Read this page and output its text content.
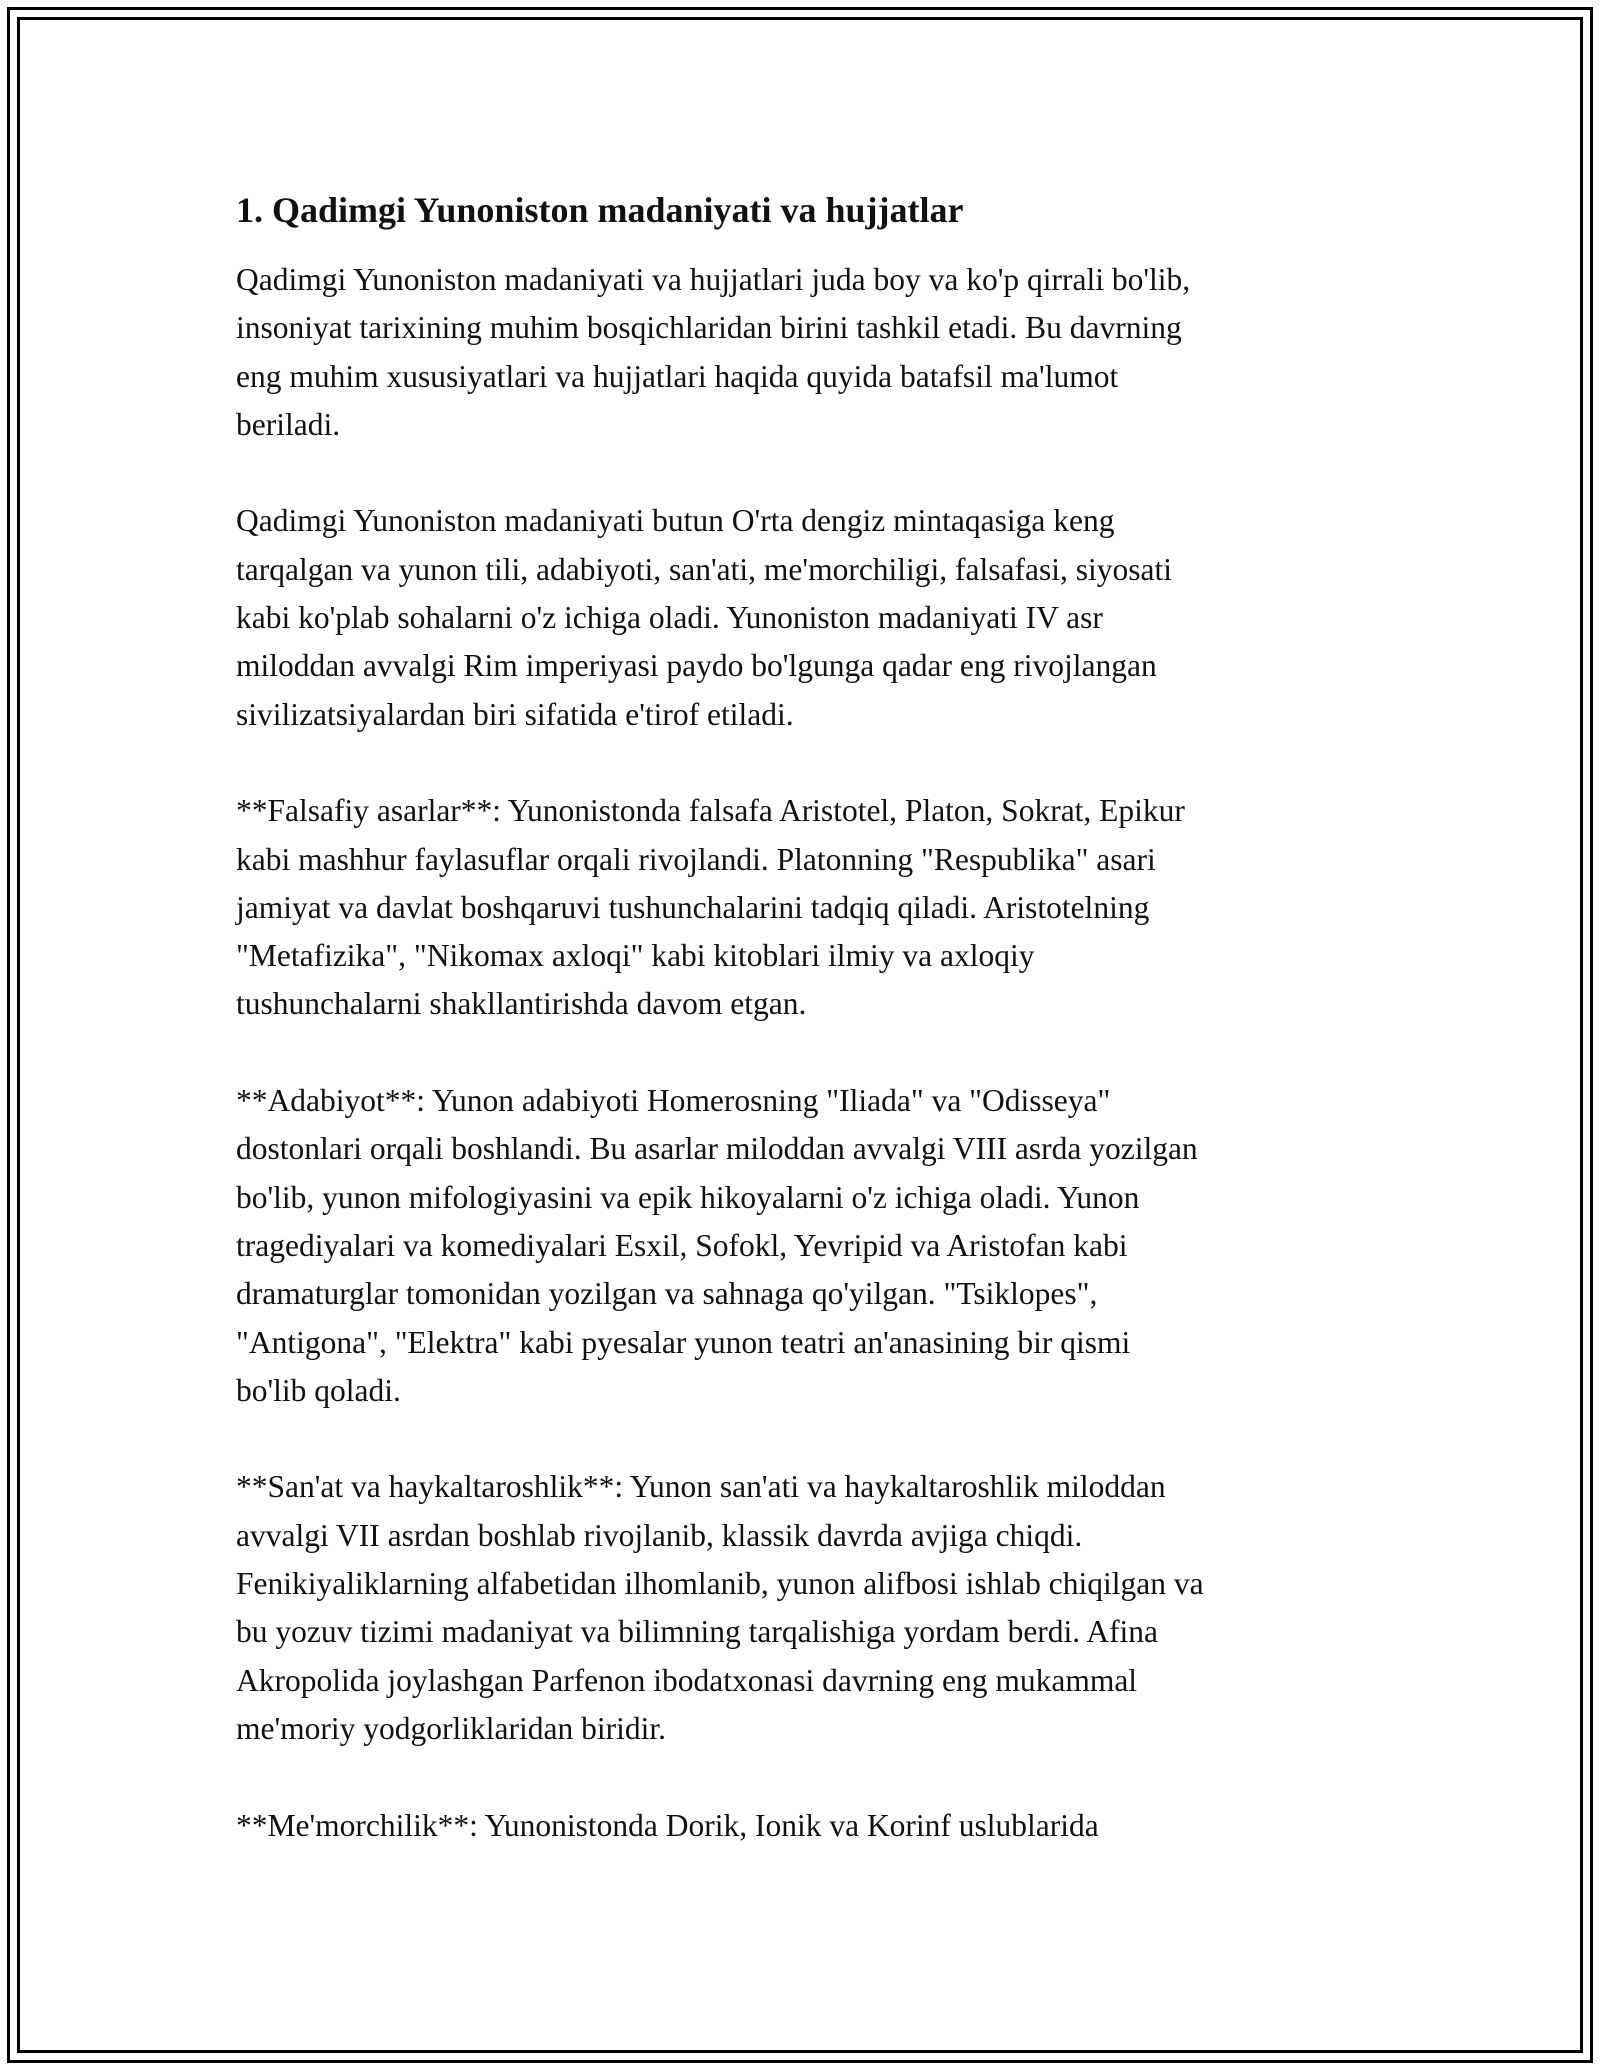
1. Qadimgi Yunoniston madaniyati va hujjatlar
Qadimgi Yunoniston madaniyati va hujjatlari juda boy va ko'p qirrali bo'lib,
insoniyat tarixining muhim bosqichlaridan birini tashkil etadi. Bu davrning
eng muhim xususiyatlari va hujjatlari haqida quyida batafsil ma'lumot
beriladi.
Qadimgi Yunoniston madaniyati butun O'rta dengiz mintaqasiga keng
tarqalgan va yunon tili, adabiyoti, san'ati, me'morchiligi, falsafasi, siyosati
kabi ko'plab sohalarni o'z ichiga oladi. Yunoniston madaniyati IV asr
miloddan avvalgi Rim imperiyasi paydo bo'lgunga qadar eng rivojlangan
sivilizatsiyalardan biri sifatida e'tirof etiladi.
**Falsafiy asarlar**: Yunonistonda falsafa Aristotel, Platon, Sokrat, Epikur
kabi mashhur faylasuflar orqali rivojlandi. Platonning "Respublika" asari
jamiyat va davlat boshqaruvi tushunchalarini tadqiq qiladi. Aristotelning
"Metafizika", "Nikomax axloqi" kabi kitoblari ilmiy va axloqiy
tushunchalarni shakllantirishda davom etgan.
**Adabiyot**: Yunon adabiyoti Homerosning "Iliada" va "Odisseya"
dostonlari orqali boshlandi. Bu asarlar miloddan avvalgi VIII asrda yozilgan
bo'lib, yunon mifologiyasini va epik hikoyalarni o'z ichiga oladi. Yunon
tragediyalari va komediyalari Esxil, Sofokl, Yevripid va Aristofan kabi
dramaturglar tomonidan yozilgan va sahnaga qo'yilgan. "Tsiklopes",
"Antigona", "Elektra" kabi pyesalar yunon teatri an'anasining bir qismi
bo'lib qoladi.
**San'at va haykaltaroshlik**: Yunon san'ati va haykaltaroshlik miloddan
avvalgi VII asrdan boshlab rivojlanib, klassik davrda avjiga chiqdi.
Fenikiyaliklarning alfabetidan ilhomlanib, yunon alifbosi ishlab chiqilgan va
bu yozuv tizimi madaniyat va bilimning tarqalishiga yordam berdi. Afina
Akropolida joylashgan Parfenon ibodatxonasi davrning eng mukammal
me'moriy yodgorliklaridan biridir.
**Me'morchilik**: Yunonistonda Dorik, Ionik va Korinf uslublarida
